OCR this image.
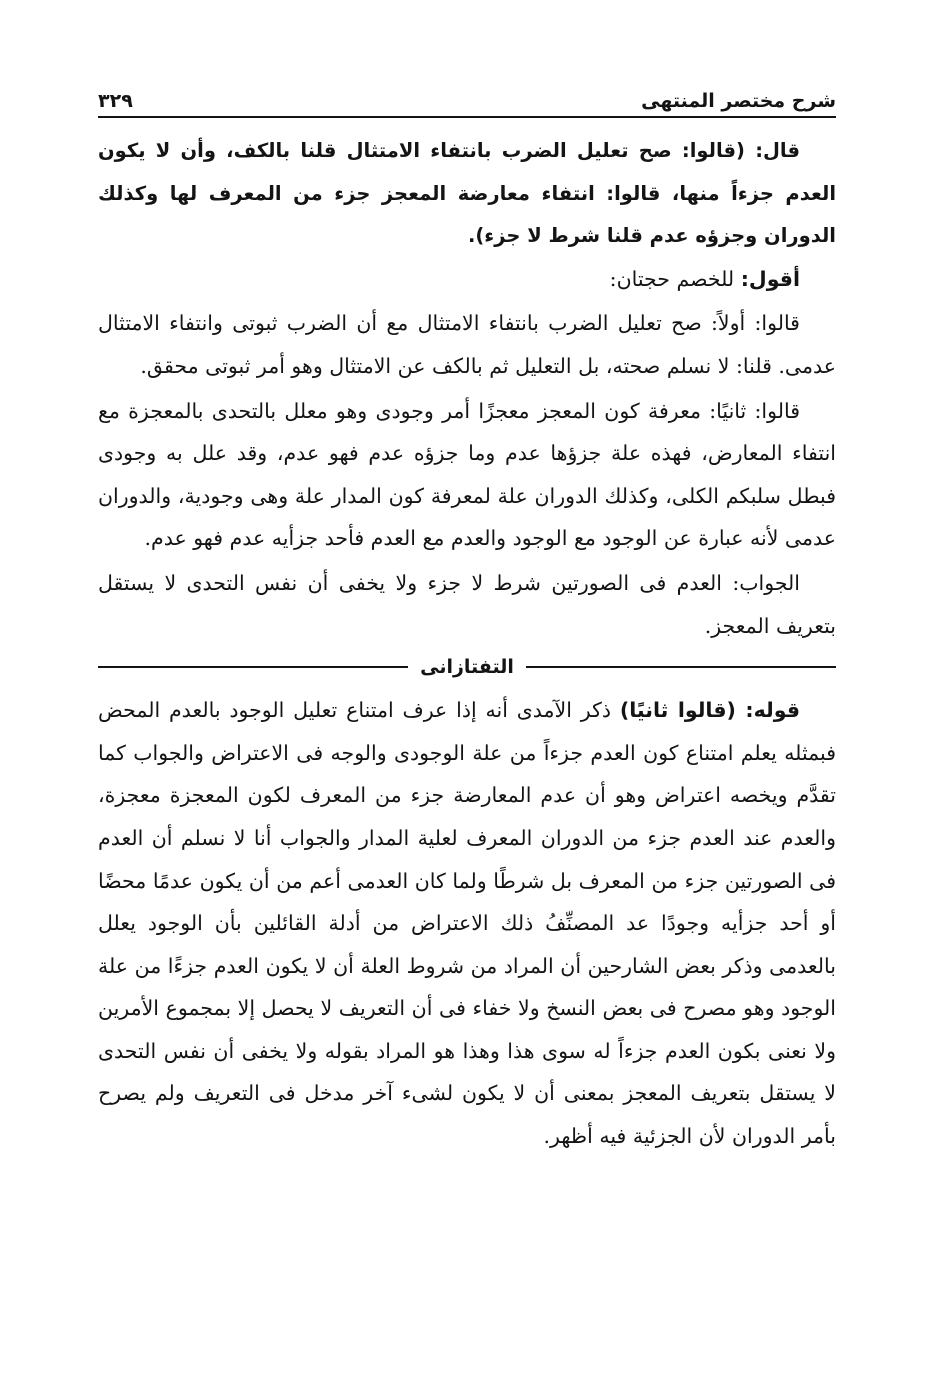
شرح مختصر المنتهى
٣٢٩
قال: (قالوا: صح تعليل الضرب بانتفاء الامتثال قلنا بالكف، وأن لا يكون العدم جزءاً منها، قالوا: انتفاء معارضة المعجز جزء من المعرف لها وكذلك الدوران وجزؤه عدم قلنا شرط لا جزء).
أقول: للخصم حجتان:
قالوا: أولاً: صح تعليل الضرب بانتفاء الامتثال مع أن الضرب ثبوتى وانتفاء الامتثال عدمى. قلنا: لا نسلم صحته، بل التعليل ثم بالكف عن الامتثال وهو أمر ثبوتى محقق.
قالوا: ثانيًا: معرفة كون المعجز معجزًا أمر وجودى وهو معلل بالتحدى بالمعجزة مع انتفاء المعارض، فهذه علة جزؤها عدم وما جزؤه عدم فهو عدم، وقد علل به وجودى فبطل سلبكم الكلى، وكذلك الدوران علة لمعرفة كون المدار علة وهى وجودية، والدوران عدمى لأنه عبارة عن الوجود مع الوجود والعدم مع العدم فأحد جزأيه عدم فهو عدم.
الجواب: العدم فى الصورتين شرط لا جزء ولا يخفى أن نفس التحدى لا يستقل بتعريف المعجز.
التفتازانى
قوله: (قالوا ثانيًا) ذكر الآمدى أنه إذا عرف امتناع تعليل الوجود بالعدم المحض فبمثله يعلم امتناع كون العدم جزءاً من علة الوجودى والوجه فى الاعتراض والجواب كما تقدَّم ويخصه اعتراض وهو أن عدم المعارضة جزء من المعرف لكون المعجزة معجزة، والعدم عند العدم جزء من الدوران المعرف لعلية المدار والجواب أنا لا نسلم أن العدم فى الصورتين جزء من المعرف بل شرطًا ولما كان العدمى أعم من أن يكون عدمًا محضًا أو أحد جزأيه وجودًا عد المصنِّفُ ذلك الاعتراض من أدلة القائلين بأن الوجود يعلل بالعدمى وذكر بعض الشارحين أن المراد من شروط العلة أن لا يكون العدم جزءًا من علة الوجود وهو مصرح فى بعض النسخ ولا خفاء فى أن التعريف لا يحصل إلا بمجموع الأمرين ولا نعنى بكون العدم جزءاً له سوى هذا وهذا هو المراد بقوله ولا يخفى أن نفس التحدى لا يستقل بتعريف المعجز بمعنى أن لا يكون لشىء آخر مدخل فى التعريف ولم يصرح بأمر الدوران لأن الجزئية فيه أظهر.
